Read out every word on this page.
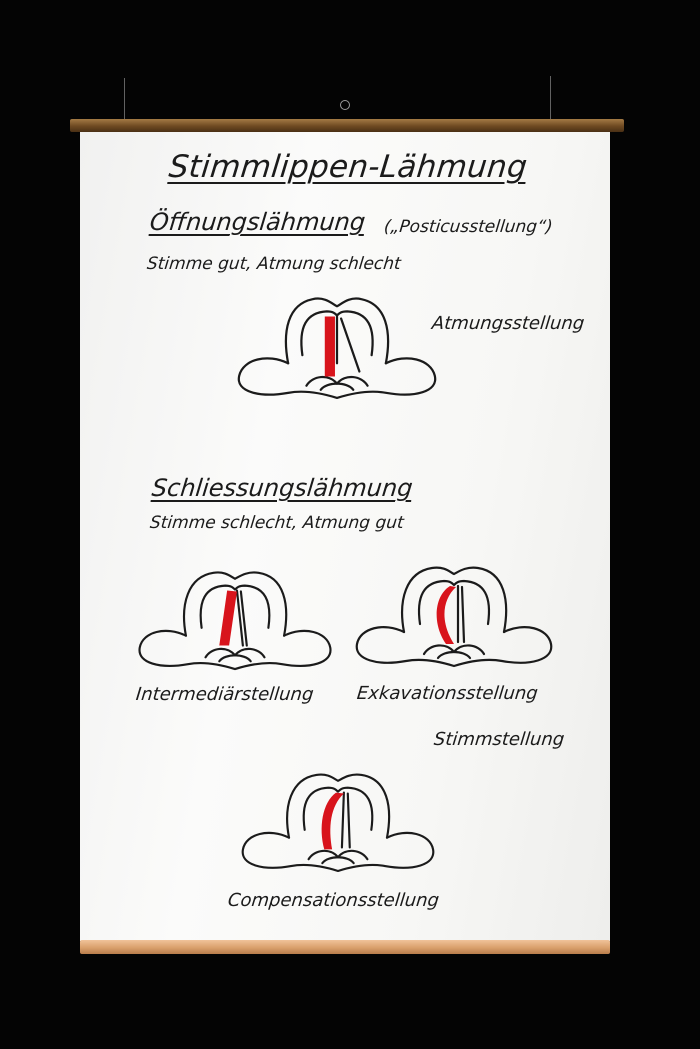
Stimmlippen-Lähmung
Öffnungslähmung („Posticusstellung“)
Stimme gut, Atmung schlecht
Atmungsstellung
Schliessungslähmung
Stimme schlecht, Atmung gut
Intermediärstellung Exkavationsstellung
Stimmstellung
Compensationsstellung
